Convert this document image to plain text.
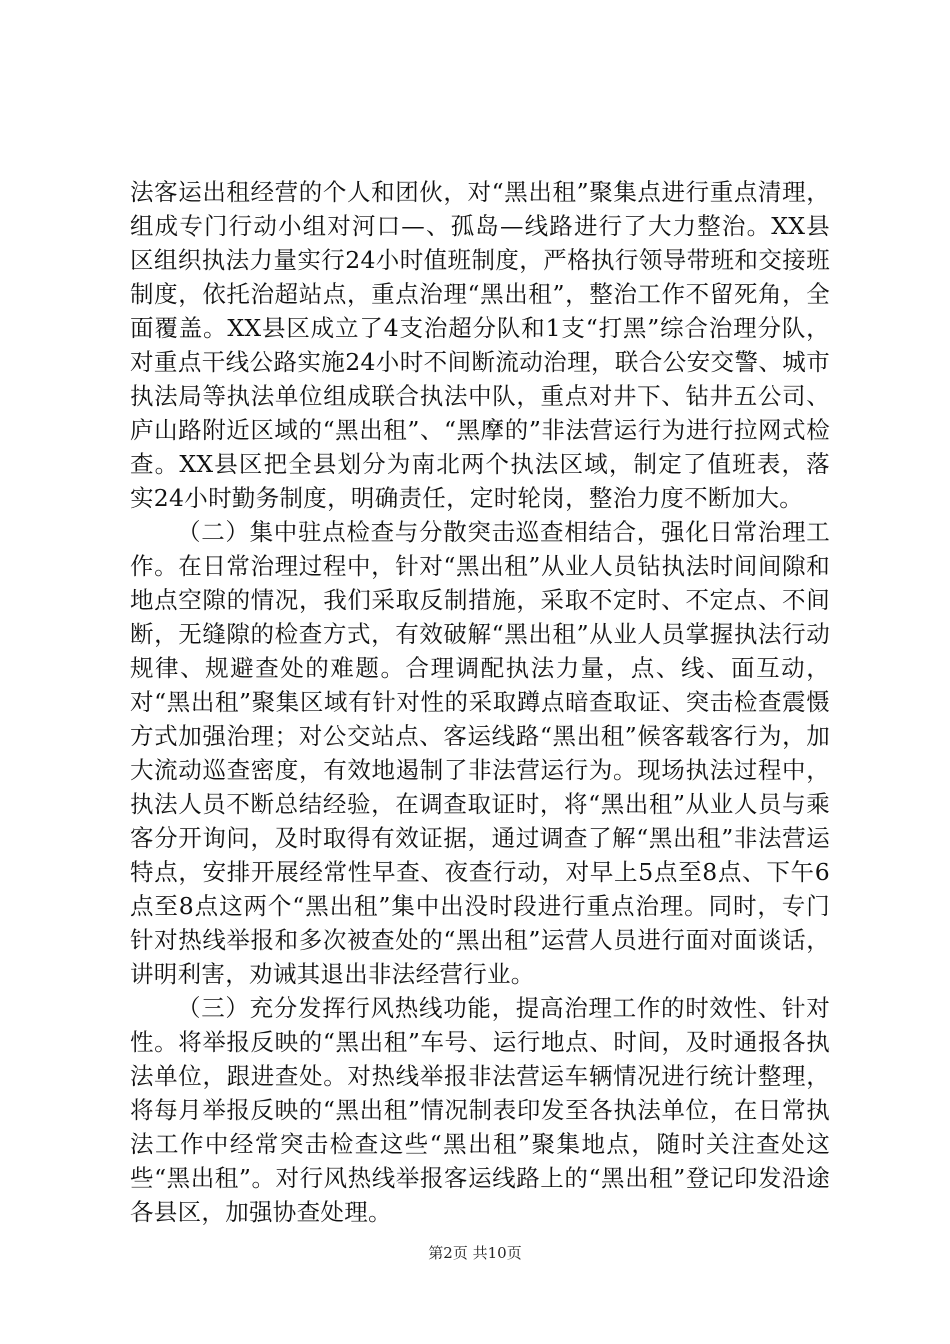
法客运出租经营的个人和团伙，对“黑出租”聚集点进行重点清理，组成专门行动小组对河口—、孤岛—线路进行了大力整治。XX县区组织执法力量实行24小时值班制度，严格执行领导带班和交接班制度，依托治超站点，重点治理“黑出租”，整治工作不留死角，全面覆盖。XX县区成立了4支治超分队和1支“打黑”综合治理分队，对重点干线公路实施24小时不间断流动治理，联合公安交警、城市执法局等执法单位组成联合执法中队，重点对井下、钻井五公司、庐山路附近区域的“黑出租”、“黑摩的”非法营运行为进行拉网式检查。XX县区把全县划分为南北两个执法区域，制定了值班表，落实24小时勤务制度，明确责任，定时轮岗，整治力度不断加大。

（二）集中驻点检查与分散突击巡查相结合，强化日常治理工作。在日常治理过程中，针对“黑出租”从业人员钻执法时间间隙和地点空隙的情况，我们采取反制措施，采取不定时、不定点、不间断，无缝隙的检查方式，有效破解“黑出租”从业人员掌握执法行动规律、规避查处的难题。合理调配执法力量，点、线、面互动，对“黑出租”聚集区域有针对性的采取蹲点暗查取证、突击检查震慑方式加强治理；对公交站点、客运线路“黑出租”候客载客行为，加大流动巡查密度，有效地遏制了非法营运行为。现场执法过程中，执法人员不断总结经验，在调查取证时，将“黑出租”从业人员与乘客分开询问，及时取得有效证据，通过调查了解“黑出租”非法营运特点，安排开展经常性早查、夜查行动，对早上5点至8点、下午6点至8点这两个“黑出租”集中出没时段进行重点治理。同时，专门针对热线举报和多次被查处的“黑出租”运营人员进行面对面谈话，讲明利害，劝诫其退出非法经营行业。

（三）充分发挥行风热线功能，提高治理工作的时效性、针对性。将举报反映的“黑出租”车号、运行地点、时间，及时通报各执法单位，跟进查处。对热线举报非法营运车辆情况进行统计整理，将每月举报反映的“黑出租”情况制表印发至各执法单位，在日常执法工作中经常突击检查这些“黑出租”聚集地点，随时关注查处这些“黑出租”。对行风热线举报客运线路上的“黑出租”登记印发沿途各县区，加强协查处理。

第2页 共10页
